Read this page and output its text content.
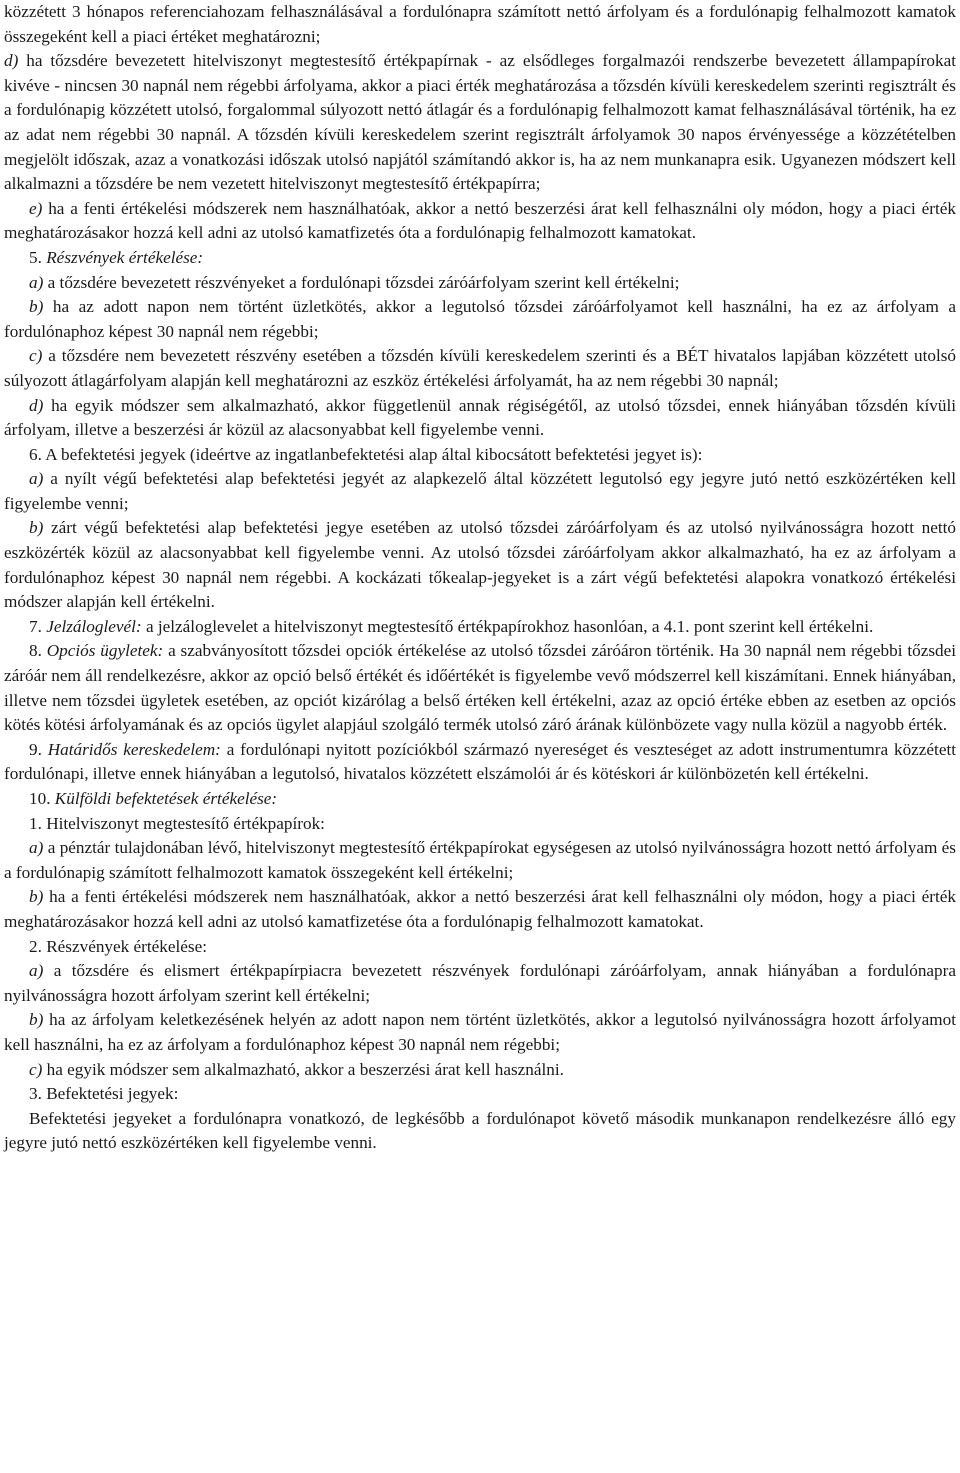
közzétett 3 hónapos referenciahozam felhasználásával a fordulónapra számított nettó árfolyam és a fordulónapig felhalmozott kamatok összegeként kell a piaci értéket meghatározni;

d) ha tőzsdére bevezetett hitelviszonyt megtestesítő értékpapírnak - az elsődleges forgalmazói rendszerbe bevezetett állampapírokat kivéve - nincsen 30 napnál nem régebbi árfolyama, akkor a piaci érték meghatározása a tőzsdén kívüli kereskedelem szerinti regisztrált és a fordulónapig közzétett utolsó, forgalommal súlyozott nettó átlagár és a fordulónapig felhalmozott kamat felhasználásával történik, ha ez az adat nem régebbi 30 napnál. A tőzsdén kívüli kereskedelem szerint regisztrált árfolyamok 30 napos érvényessége a közzétételben megjelölt időszak, azaz a vonatkozási időszak utolsó napjától számítandó akkor is, ha az nem munkanapra esik. Ugyanezen módszert kell alkalmazni a tőzsdére be nem vezetett hitelviszonyt megtestesítő értékpapírra;

e) ha a fenti értékelési módszerek nem használhatóak, akkor a nettó beszerzési árat kell felhasználni oly módon, hogy a piaci érték meghatározásakor hozzá kell adni az utolsó kamatfizetés óta a fordulónapig felhalmozott kamatokat.

5. Részvények értékelése:

a) a tőzsdére bevezetett részvényeket a fordulónapi tőzsdei záróárfolyam szerint kell értékelni;

b) ha az adott napon nem történt üzletkötés, akkor a legutolsó tőzsdei záróárfolyamot kell használni, ha ez az árfolyam a fordulónaphoz képest 30 napnál nem régebbi;

c) a tőzsdére nem bevezetett részvény esetében a tőzsdén kívüli kereskedelem szerinti és a BÉT hivatalos lapjában közzétett utolsó súlyozott átlagárfolyam alapján kell meghatározni az eszköz értékelési árfolyamát, ha az nem régebbi 30 napnál;

d) ha egyik módszer sem alkalmazható, akkor függetlenül annak régiségétől, az utolsó tőzsdei, ennek hiányában tőzsdén kívüli árfolyam, illetve a beszerzési ár közül az alacsonyabbat kell figyelembe venni.

6. A befektetési jegyek (ideértve az ingatlanbefektetési alap által kibocsátott befektetési jegyet is):

a) a nyílt végű befektetési alap befektetési jegyét az alapkezelő által közzétett legutolsó egy jegyre jutó nettó eszközértéken kell figyelembe venni;

b) zárt végű befektetési alap befektetési jegye esetében az utolsó tőzsdei záróárfolyam és az utolsó nyilvánosságra hozott nettó eszközérték közül az alacsonyabbat kell figyelembe venni. Az utolsó tőzsdei záróárfolyam akkor alkalmazható, ha ez az árfolyam a fordulónaphoz képest 30 napnál nem régebbi. A kockázati tőkealap-jegyeket is a zárt végű befektetési alapokra vonatkozó értékelési módszer alapján kell értékelni.

7. Jelzáloglevél: a jelzáloglevelet a hitelviszonyt megtestesítő értékpapírokhoz hasonlóan, a 4.1. pont szerint kell értékelni.

8. Opciós ügyletek: a szabványosított tőzsdei opciók értékelése az utolsó tőzsdei záróáron történik. Ha 30 napnál nem régebbi tőzsdei záróár nem áll rendelkezésre, akkor az opció belső értékét és időértékét is figyelembe vevő módszerrel kell kiszámítani. Ennek hiányában, illetve nem tőzsdei ügyletek esetében, az opciót kizárólag a belső értéken kell értékelni, azaz az opció értéke ebben az esetben az opciós kötés kötési árfolyamának és az opciós ügylet alapjául szolgáló termék utolsó záró árának különbözete vagy nulla közül a nagyobb érték.

9. Határidős kereskedelem: a fordulónapi nyitott pozíciókból származó nyereséget és veszteséget az adott instrumentumra közzétett fordulónapi, illetve ennek hiányában a legutolsó, hivatalos közzétett elszámolói ár és kötéskori ár különbözetén kell értékelni.

10. Külföldi befektetések értékelése:

1. Hitelviszonyt megtestesítő értékpapírok:

a) a pénztár tulajdonában lévő, hitelviszonyt megtestesítő értékpapírokat egységesen az utolsó nyilvánosságra hozott nettó árfolyam és a fordulónapig számított felhalmozott kamatok összegeként kell értékelni;

b) ha a fenti értékelési módszerek nem használhatóak, akkor a nettó beszerzési árat kell felhasználni oly módon, hogy a piaci érték meghatározásakor hozzá kell adni az utolsó kamatfizetése óta a fordulónapig felhalmozott kamatokat.

2. Részvények értékelése:

a) a tőzsdére és elismert értékpapírpiacra bevezetett részvények fordulónapi záróárfolyam, annak hiányában a fordulónapra nyilvánosságra hozott árfolyam szerint kell értékelni;

b) ha az árfolyam keletkezésének helyén az adott napon nem történt üzletkötés, akkor a legutolsó nyilvánosságra hozott árfolyamot kell használni, ha ez az árfolyam a fordulónaphoz képest 30 napnál nem régebbi;

c) ha egyik módszer sem alkalmazható, akkor a beszerzési árat kell használni.

3. Befektetési jegyek:

Befektetési jegyeket a fordulónapra vonatkozó, de legkésőbb a fordulónapot követő második munkanapon rendelkezésre álló egy jegyre jutó nettó eszközértéken kell figyelembe venni.
